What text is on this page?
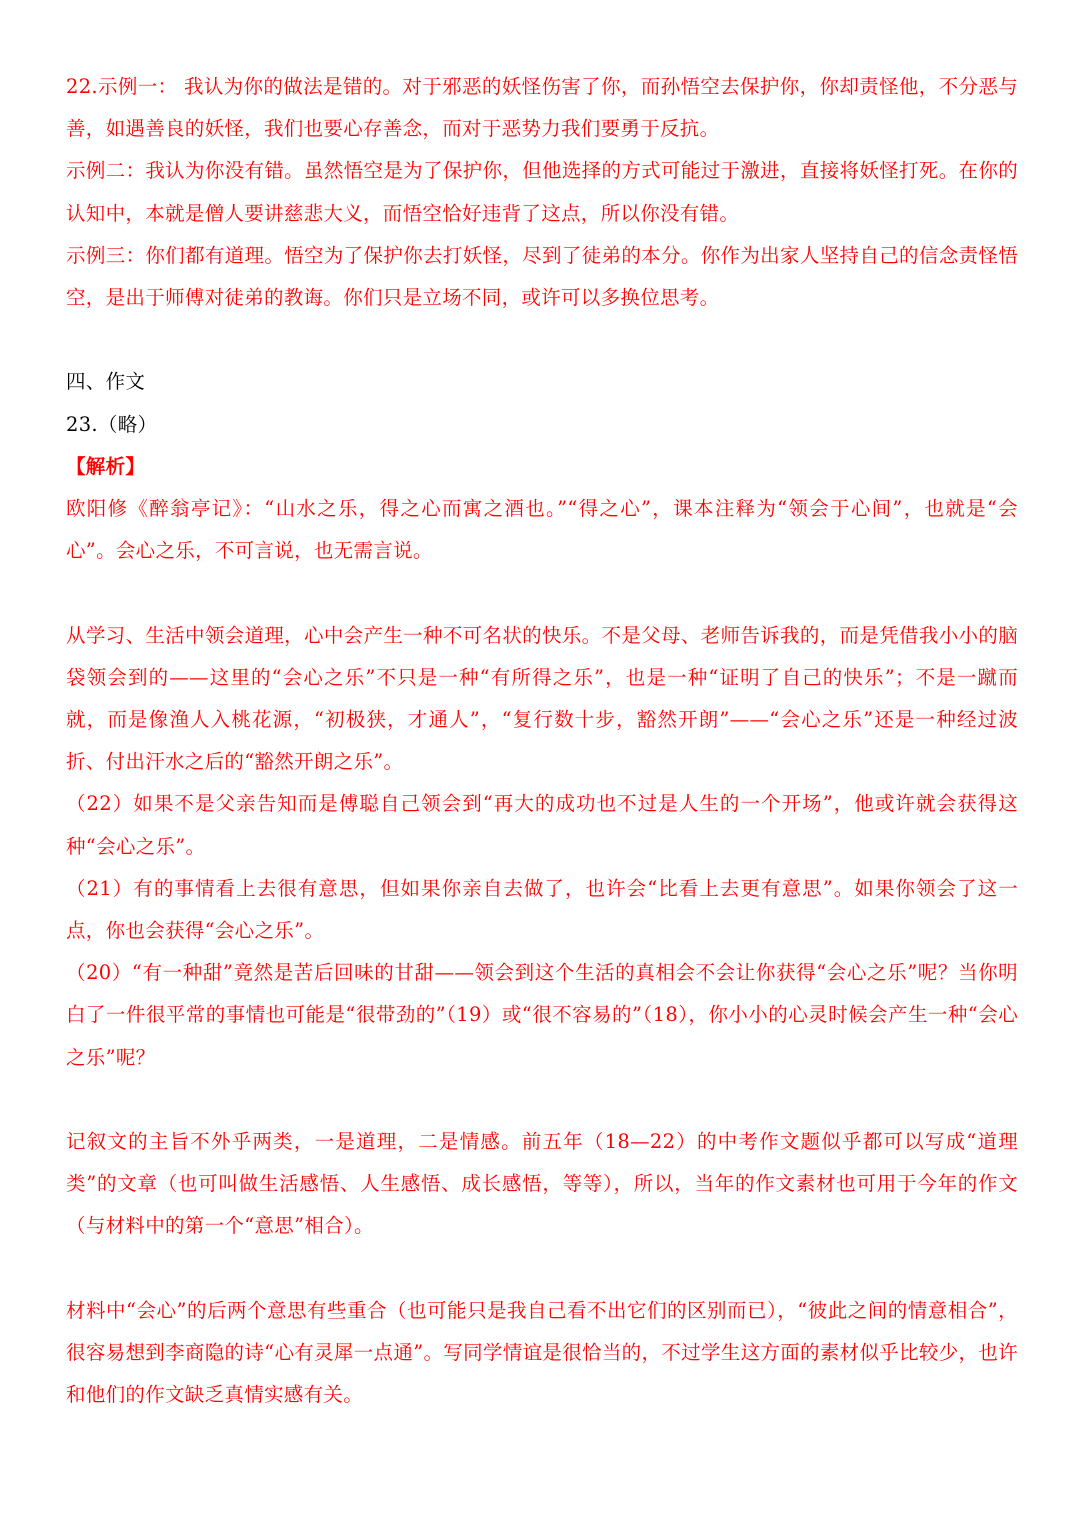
22.示例一： 我认为你的做法是错的。对于邪恶的妖怪伤害了你，而孙悟空去保护你，你却责怪他，不分恶与善，如遇善良的妖怪，我们也要心存善念，而对于恶势力我们要勇于反抗。

示例二：我认为你没有错。虽然悟空是为了保护你，但他选择的方式可能过于激进，直接将妖怪打死。在你的认知中，本就是僧人要讲慈悲大义，而悟空恰好违背了这点，所以你没有错。

示例三：你们都有道理。悟空为了保护你去打妖怪，尽到了徒弟的本分。你作为出家人坚持自己的信念责怪悟空，是出于师傅对徒弟的教诲。你们只是立场不同，或许可以多换位思考。

四、作文

23.（略）

【解析】

欧阳修《醉翁亭记》：“山水之乐，得之心而寓之酒也。”“得之心”，课本注释为“领会于心间”，也就是“会心”。会心之乐，不可言说，也无需言说。

从学习、生活中领会道理，心中会产生一种不可名状的快乐。不是父母、老师告诉我的，而是凭借我小小的脑袋领会到的——这里的“会心之乐”不只是一种“有所得之乐”，也是一种“证明了自己的快乐”；不是一蹴而就，而是像渔人入桃花源，“初极狭，才通人”，“复行数十步，豁然开朗”——“会心之乐”还是一种经过波折、付出汗水之后的“豁然开朗之乐”。

（22）如果不是父亲告知而是傅聪自己领会到“再大的成功也不过是人生的一个开场”，他或许就会获得这种“会心之乐”。

（21）有的事情看上去很有意思，但如果你亲自去做了，也许会“比看上去更有意思”。如果你领会了这一点，你也会获得“会心之乐”。

（20）“有一种甜”竟然是苦后回味的甘甜——领会到这个生活的真相会不会让你获得“会心之乐”呢？当你明白了一件很平常的事情也可能是“很带劲的”（19）或“很不容易的”（18），你小小的心灵时候会产生一种“会心之乐”呢？

记叙文的主旨不外乎两类，一是道理，二是情感。前五年（18—22）的中考作文题似乎都可以写成“道理类”的文章（也可叫做生活感悟、人生感悟、成长感悟，等等），所以，当年的作文素材也可用于今年的作文（与材料中的第一个“意思”相合）。

材料中“会心”的后两个意思有些重合（也可能只是我自己看不出它们的区别而已），“彼此之间的情意相合”，很容易想到李商隐的诗“心有灵犀一点通”。写同学情谊是很恰当的，不过学生这方面的素材似乎比较少，也许和他们的作文缺乏真情实感有关。
